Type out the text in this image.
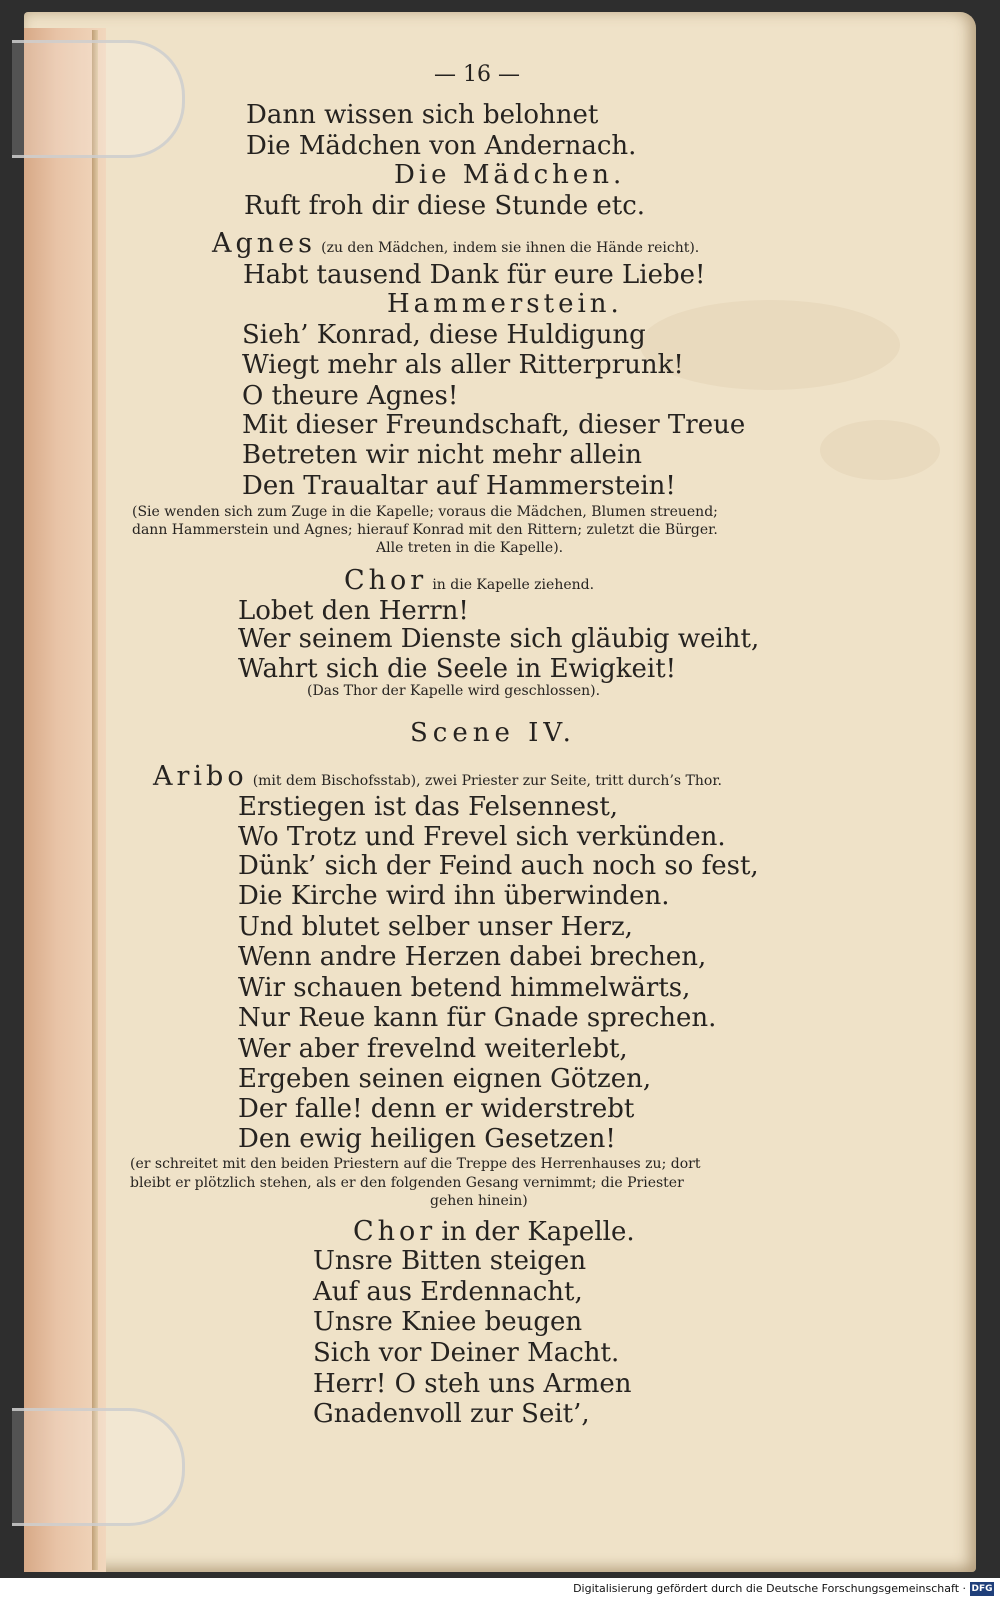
— 16 —
Dann wissen sich belohnet
Die Mädchen von Andernach.
Die Mädchen.
Ruft froh dir diese Stunde etc.
Agnes (zu den Mädchen, indem sie ihnen die Hände reicht).
Habt tausend Dank für eure Liebe!
Hammerstein.
Sieh’ Konrad, diese Huldigung
Wiegt mehr als aller Ritterprunk!
O theure Agnes!
Mit dieser Freundschaft, dieser Treue
Betreten wir nicht mehr allein
Den Traualtar auf Hammerstein!
(Sie wenden sich zum Zuge in die Kapelle; voraus die Mädchen, Blumen streuend;
dann Hammerstein und Agnes; hierauf Konrad mit den Rittern; zuletzt die Bürger.
Alle treten in die Kapelle).
Chor in die Kapelle ziehend.
Lobet den Herrn!
Wer seinem Dienste sich gläubig weiht,
Wahrt sich die Seele in Ewigkeit!
(Das Thor der Kapelle wird geschlossen).
Scene IV.
Aribo (mit dem Bischofsstab), zwei Priester zur Seite, tritt durch’s Thor.
Erstiegen ist das Felsennest,
Wo Trotz und Frevel sich verkünden.
Dünk’ sich der Feind auch noch so fest,
Die Kirche wird ihn überwinden.
Und blutet selber unser Herz,
Wenn andre Herzen dabei brechen,
Wir schauen betend himmelwärts,
Nur Reue kann für Gnade sprechen.
Wer aber frevelnd weiterlebt,
Ergeben seinen eignen Götzen,
Der falle! denn er widerstrebt
Den ewig heiligen Gesetzen!
(er schreitet mit den beiden Priestern auf die Treppe des Herrenhauses zu; dort
bleibt er plötzlich stehen, als er den folgenden Gesang vernimmt; die Priester
gehen hinein)
Chor in der Kapelle.
Unsre Bitten steigen
Auf aus Erdennacht,
Unsre Kniee beugen
Sich vor Deiner Macht.
Herr! O steh uns Armen
Gnadenvoll zur Seit’,
Digitalisierung gefördert durch die Deutsche Forschungsgemeinschaft · DFG
